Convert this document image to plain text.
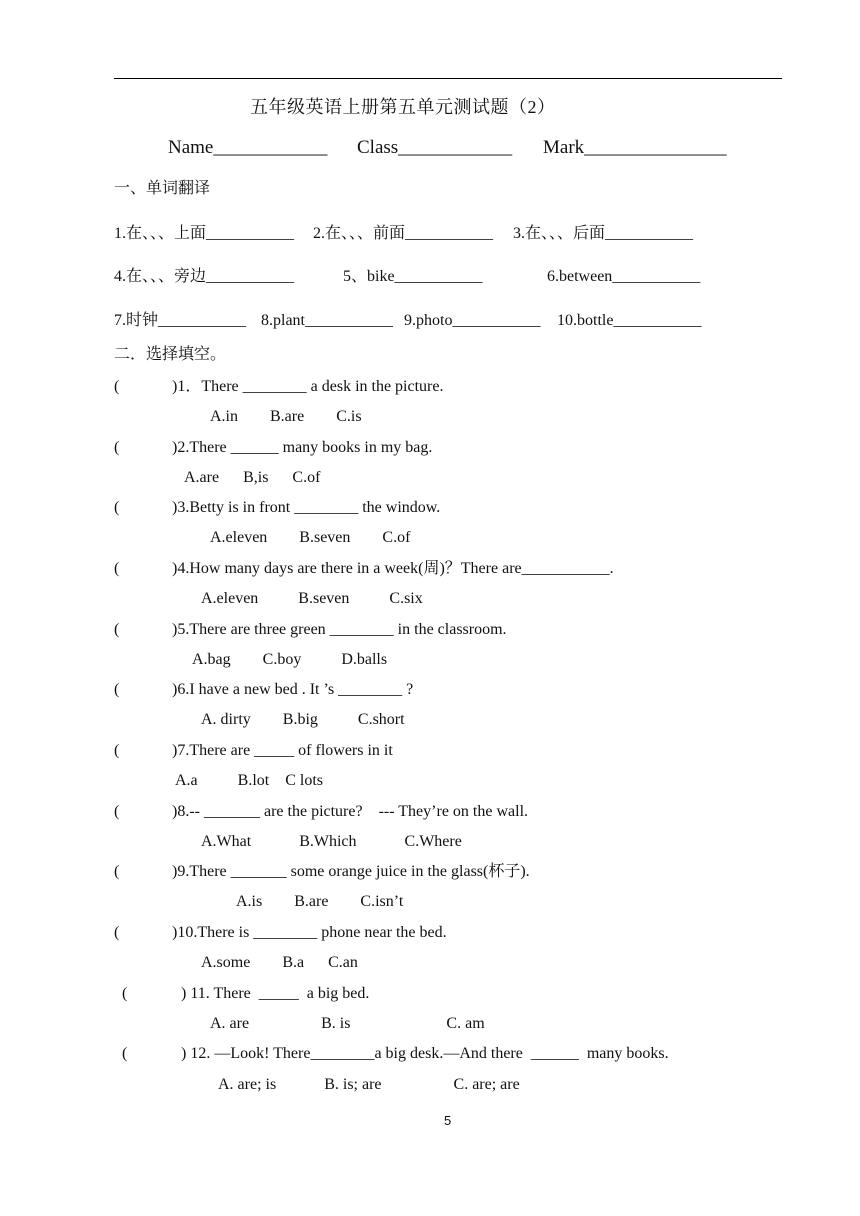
五年级英语上册第五单元测试题（2）
Name____________ Class____________ Mark_______________
一、单词翻译
1.在、、、上面___________ 2.在、、、前面___________ 3.在、、、后面___________
4.在、、、旁边___________	5、bike___________	6.between___________
7.时钟___________ 8.plant___________ 9.photo___________ 10.bottle___________
二．选择填空。
(	)1．There ________ a desk in the picture.
A.in        B.are        C.is
(	)2.There ______ many books in my bag.
A.are      B,is      C.of
(	)3.Betty is in front ________ the window.
A.eleven        B.seven        C.of
(	)4.How many days are there in a week(周)？There are___________.
A.eleven          B.seven          C.six
(	)5.There are three green ________ in the classroom.
A.bag        C.boy          D.balls
(	)6.I have a new bed . It ’s ________ ?
A. dirty        B.big          C.short
(	)7.There are _____ of flowers in it
A.a          B.lot    C lots
(	)8.-- _______ are the picture?    --- They’re on the wall.
A.What            B.Which            C.Where
(	)9.There _______ some orange juice in the glass(杯子).
A.is        B.are        C.isn’t
(	)10.There is ________ phone near the bed.
A.some        B.a      C.an
(	) 11. There  _____  a big bed.
A. are                  B. is                        C. am
(	) 12. —Look! There________a big desk.—And there  ______  many books.
A. are; is            B. is; are                  C. are; are
5
